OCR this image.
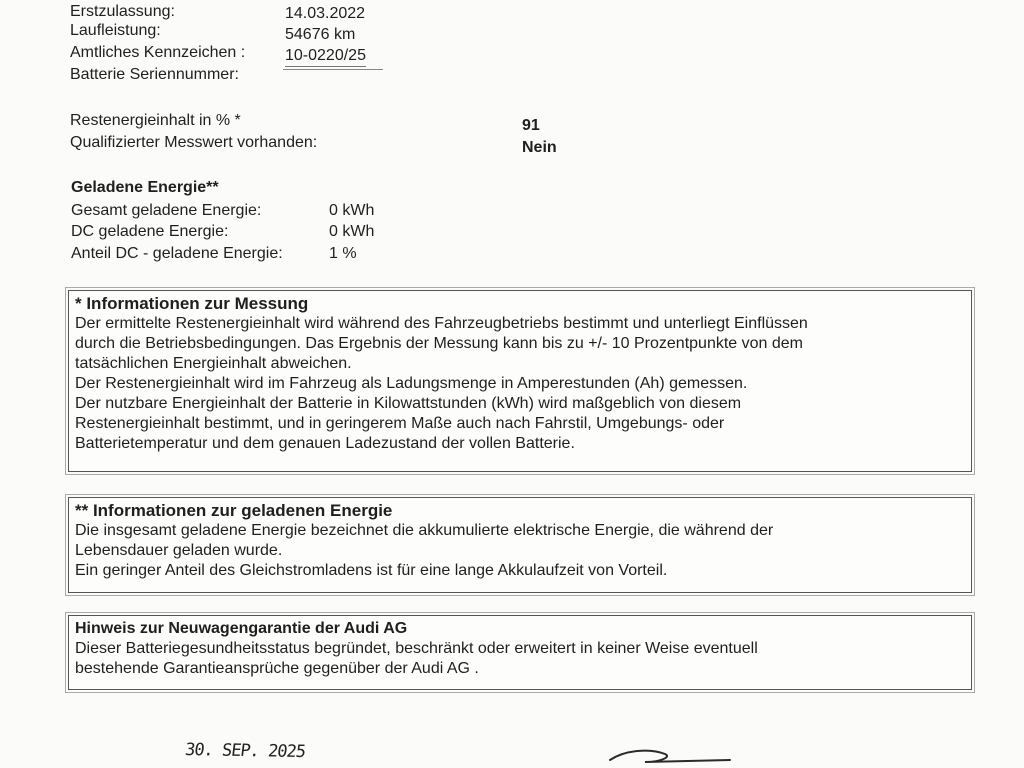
Erstzulassung:	14.03.2022
Laufleistung:	54676 km
Amtliches Kennzeichen : 10-0220/25
Batterie Seriennummer:
Restenergieinhalt in % *	91
Qualifizierter Messwert vorhanden:	Nein
Geladene Energie**
Gesamt geladene Energie:	0 kWh
DC geladene Energie:	0 kWh
Anteil DC - geladene Energie:	1 %
* Informationen zur Messung

Der ermittelte Restenergieinhalt wird während des Fahrzeugbetriebs bestimmt und unterliegt Einflüssen

durch die Betriebsbedingungen. Das Ergebnis der Messung kann bis zu +/- 10 Prozentpunkte von dem

tatsächlichen Energieinhalt abweichen.

Der Restenergieinhalt wird im Fahrzeug als Ladungsmenge in Amperestunden (Ah) gemessen.

Der nutzbare Energieinhalt der Batterie in Kilowattstunden (kWh) wird maßgeblich von diesem

Restenergieinhalt bestimmt, und in geringerem Maße auch nach Fahrstil, Umgebungs- oder

Batterietemperatur und dem genauen Ladezustand der vollen Batterie.

** Informationen zur geladenen Energie

Die insgesamt geladene Energie bezeichnet die akkumulierte elektrische Energie, die während der

Lebensdauer geladen wurde.

Ein geringer Anteil des Gleichstromladens ist für eine lange Akkulaufzeit von Vorteil.

Hinweis zur Neuwagengarantie der Audi AG

Dieser Batteriegesundheitsstatus begründet, beschränkt oder erweitert in keiner Weise eventuell

bestehende Garantieansprüche gegenüber der Audi AG .

30. SEP. 2025
